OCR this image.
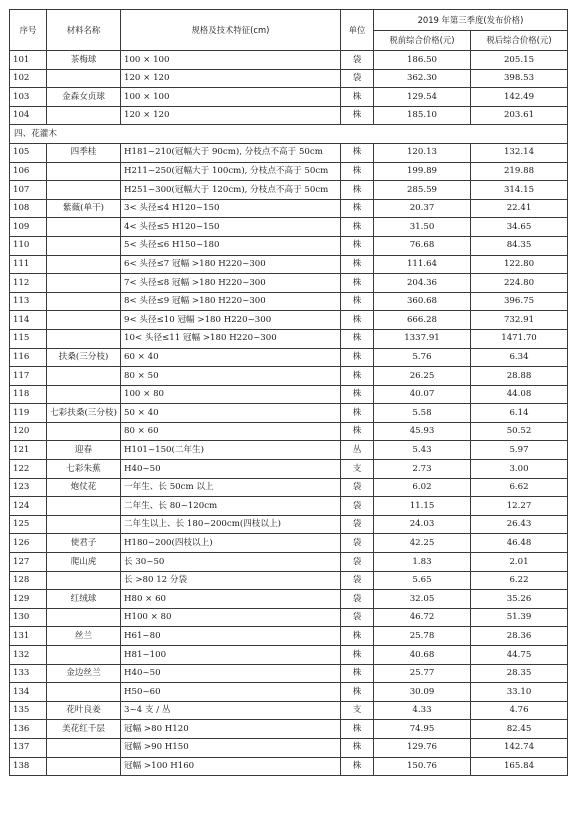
序号	材料名称	规格及技术特征(cm)	单位	2019 年第三季度(发布价格)	
				税前综合价格(元)	税后综合价格(元)
101	茶梅球	100 × 100	袋	186.50	205.15
102		120 × 120	袋	362.30	398.53
103	金森女贞球	100 × 100	株	129.54	142.49
104		120 × 120	株	185.10	203.61
四、花灌木					
105	四季桂	H181~210(冠幅大于 90cm), 分枝点不高于 50cm	株	120.13	132.14
106		H211~250(冠幅大于 100cm), 分枝点不高于 50cm	株	199.89	219.88
107		H251~300(冠幅大于 120cm), 分枝点不高于 50cm	株	285.59	314.15
108	紫薇(单干)	3< 头径≤4 H120~150	株	20.37	22.41
109		4< 头径≤5 H120~150	株	31.50	34.65
110		5< 头径≤6 H150~180	株	76.68	84.35
111		6< 头径≤7 冠幅 >180 H220~300	株	111.64	122.80
112		7< 头径≤8 冠幅 >180 H220~300	株	204.36	224.80
113		8< 头径≤9 冠幅 >180 H220~300	株	360.68	396.75
114		9< 头径≤10 冠幅 >180 H220~300	株	666.28	732.91
115		10< 头径≤11 冠幅 >180 H220~300	株	1337.91	1471.70
116	扶桑(三分枝)	60 × 40	株	5.76	6.34
117		80 × 50	株	26.25	28.88
118		100 × 80	株	40.07	44.08
119	七彩扶桑(三分枝)	50 × 40	株	5.58	6.14
120		80 × 60	株	45.93	50.52
121	迎春	H101~150(二年生)	丛	5.43	5.97
122	七彩朱蕉	H40~50	支	2.73	3.00
123	炮仗花	一年生、长 50cm 以上	袋	6.02	6.62
124		二年生、长 80~120cm	袋	11.15	12.27
125		二年生以上、长 180~200cm(四枝以上)	袋	24.03	26.43
126	使君子	H180~200(四枝以上)	袋	42.25	46.48
127	爬山虎	长 30~50	袋	1.83	2.01
128		长 >80 12 分袋	袋	5.65	6.22
129	红绒球	H80 × 60	袋	32.05	35.26
130		H100 × 80	袋	46.72	51.39
131	丝兰	H61~80	株	25.78	28.36
132		H81~100	株	40.68	44.75
133	金边丝兰	H40~50	株	25.77	28.35
134		H50~60	株	30.09	33.10
135	花叶良姜	3~4 支 / 丛	支	4.33	4.76
136	美花红千层	冠幅 >80 H120	株	74.95	82.45
137		冠幅 >90 H150	株	129.76	142.74
138		冠幅 >100 H160	株	150.76	165.84
